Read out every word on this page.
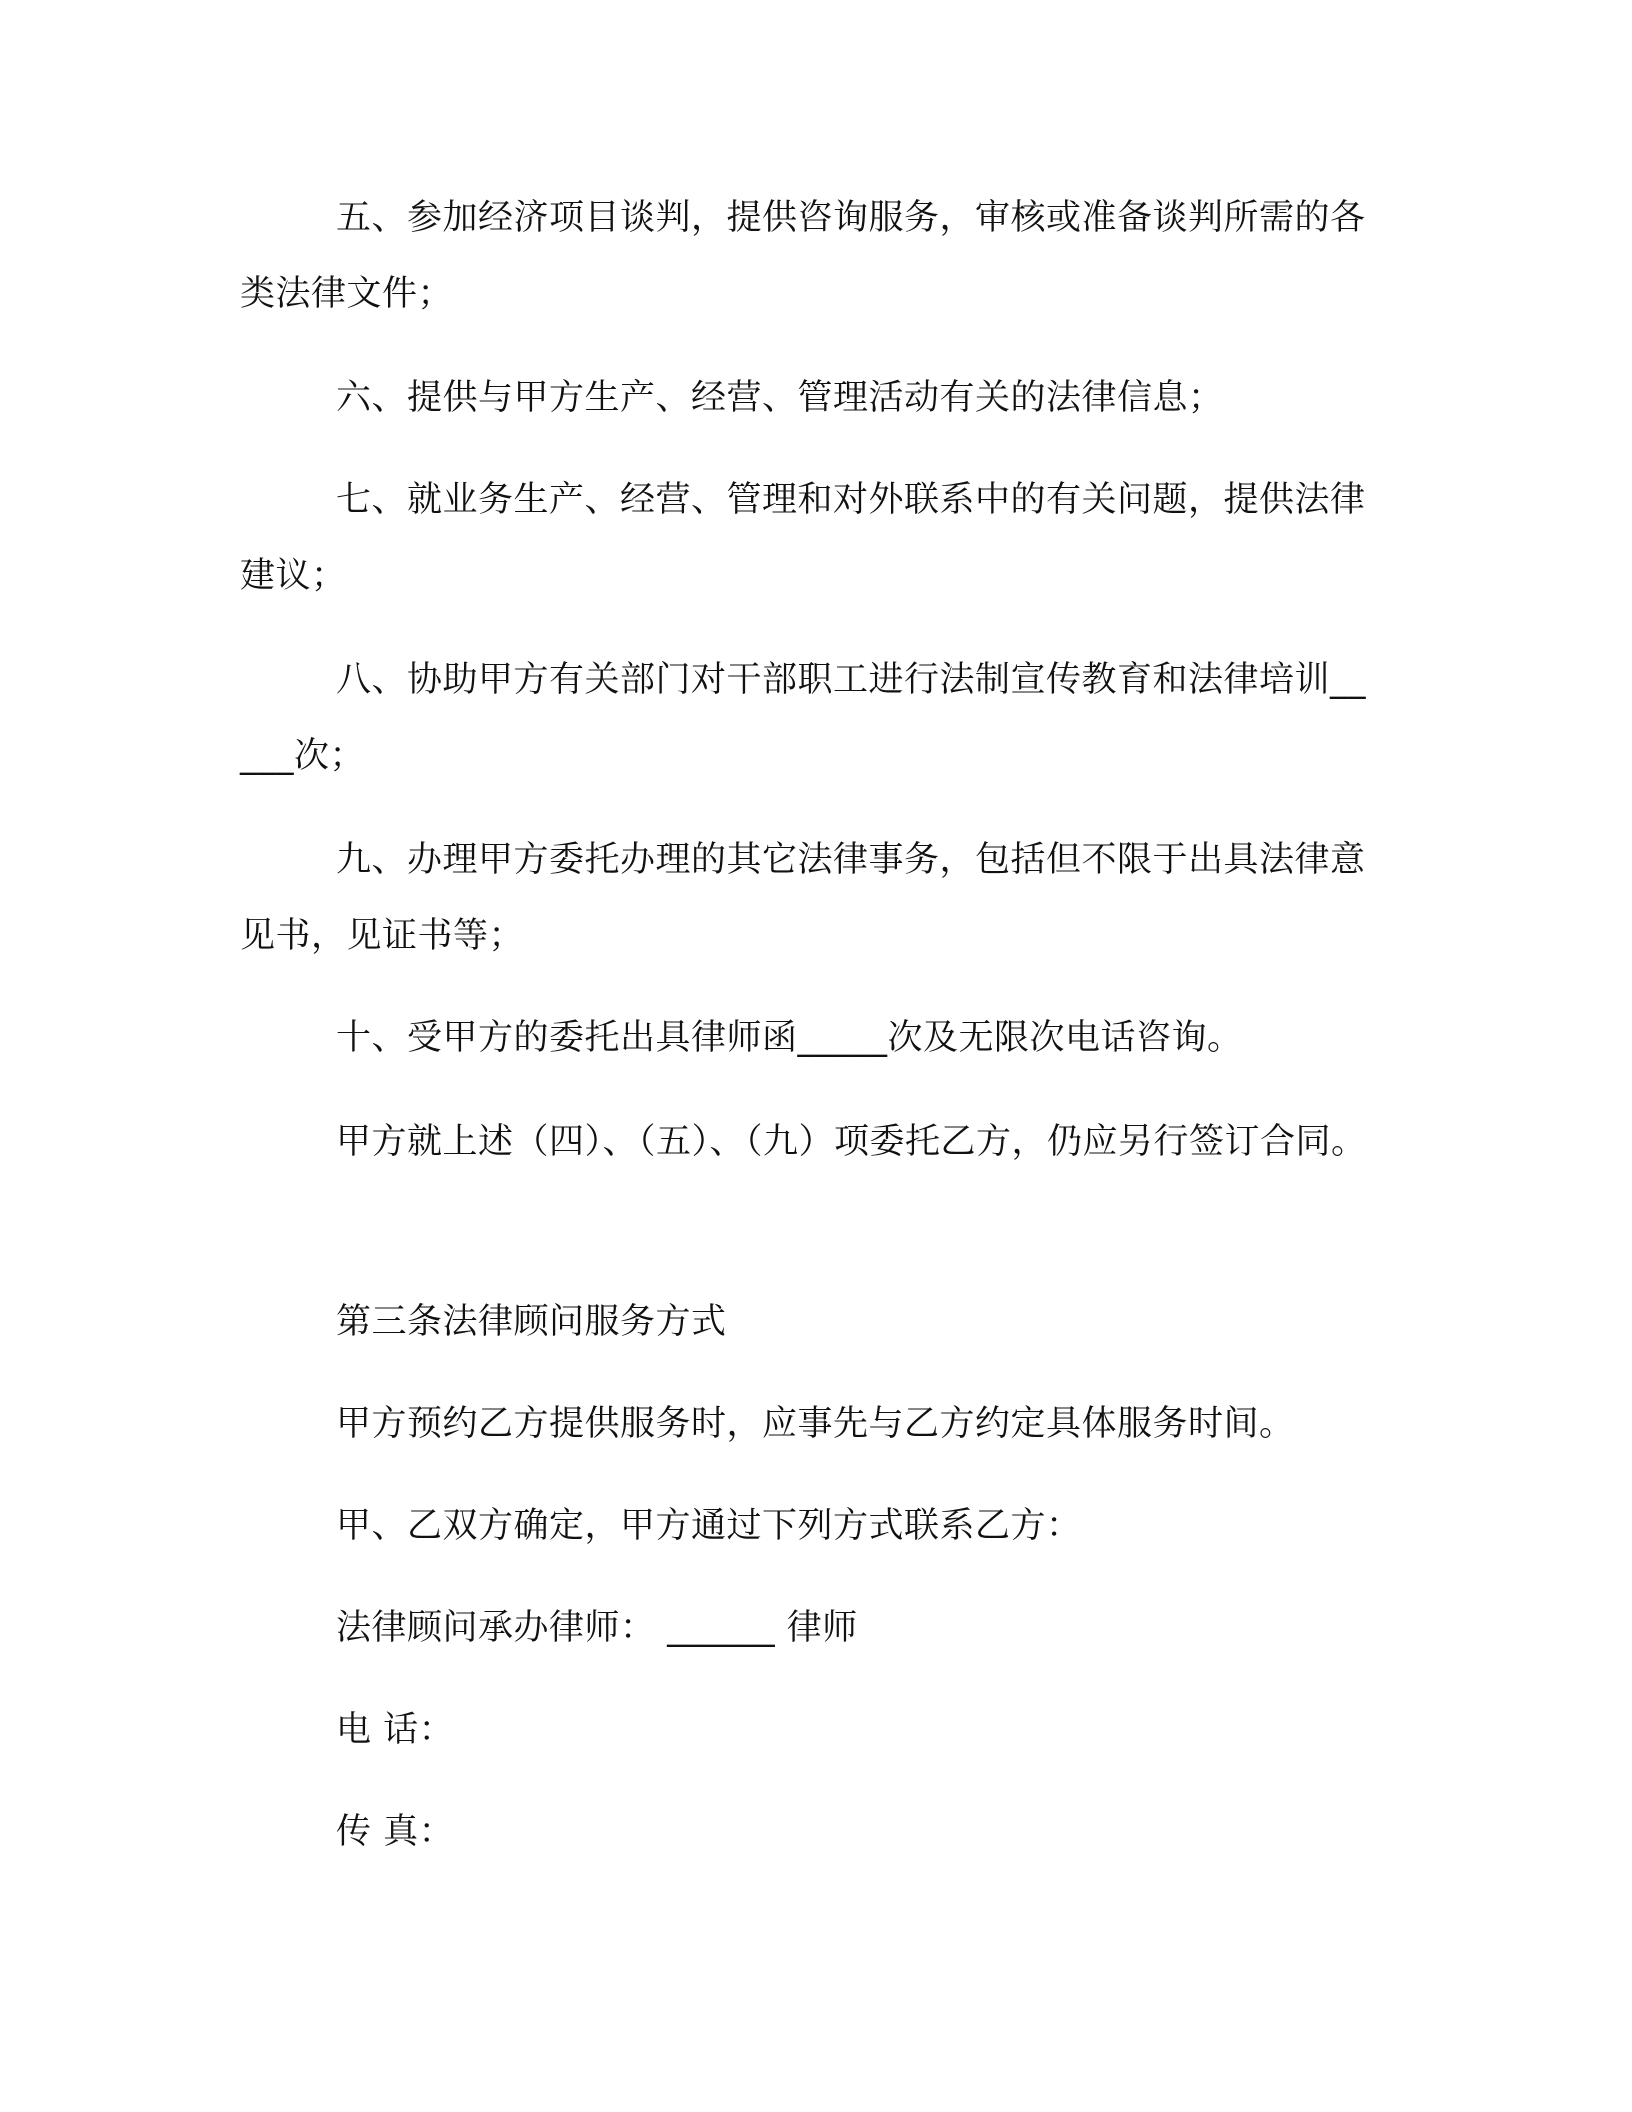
五、参加经济项目谈判，提供咨询服务，审核或准备谈判所需的各类法律文件；

六、提供与甲方生产、经营、管理活动有关的法律信息；

七、就业务生产、经营、管理和对外联系中的有关问题，提供法律建议；

八、协助甲方有关部门对干部职工进行法制宣传教育和法律培训_____次；

九、办理甲方委托办理的其它法律事务，包括但不限于出具法律意见书，见证书等；

十、受甲方的委托出具律师函_____次及无限次电话咨询。

甲方就上述（四）、（五）、（九）项委托乙方，仍应另行签订合同。

第三条法律顾问服务方式

甲方预约乙方提供服务时，应事先与乙方约定具体服务时间。

甲、乙双方确定，甲方通过下列方式联系乙方：

法律顾问承办律师： ______ 律师

电 话：

传 真：
